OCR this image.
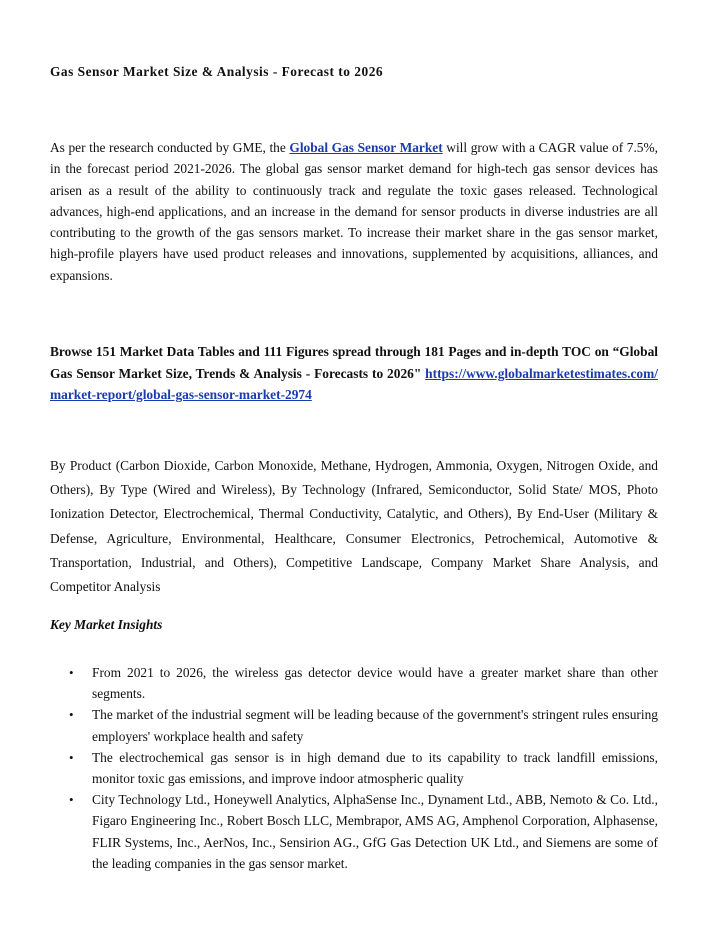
Gas Sensor Market Size & Analysis - Forecast to 2026

As per the research conducted by GME, the Global Gas Sensor Market will grow with a CAGR value of 7.5%, in the forecast period 2021-2026. The global gas sensor market demand for high-tech gas sensor devices has arisen as a result of the ability to continuously track and regulate the toxic gases released. Technological advances, high-end applications, and an increase in the demand for sensor products in diverse industries are all contributing to the growth of the gas sensors market. To increase their market share in the gas sensor market, high-profile players have used product releases and innovations, supplemented by acquisitions, alliances, and expansions.

Browse 151 Market Data Tables and 111 Figures spread through 181 Pages and in-depth TOC on “Global Gas Sensor Market Size, Trends & Analysis - Forecasts to 2026" https://www.globalmarketestimates.com/market-report/global-gas-sensor-market-2974

By Product (Carbon Dioxide, Carbon Monoxide, Methane, Hydrogen, Ammonia, Oxygen, Nitrogen Oxide, and Others), By Type (Wired and Wireless), By Technology (Infrared, Semiconductor, Solid State/ MOS, Photo Ionization Detector, Electrochemical, Thermal Conductivity, Catalytic, and Others), By End-User (Military & Defense, Agriculture, Environmental, Healthcare, Consumer Electronics, Petrochemical, Automotive & Transportation, Industrial, and Others), Competitive Landscape, Company Market Share Analysis, and Competitor Analysis

Key Market Insights
• From 2021 to 2026, the wireless gas detector device would have a greater market share than other segments.
• The market of the industrial segment will be leading because of the government's stringent rules ensuring employers' workplace health and safety
• The electrochemical gas sensor is in high demand due to its capability to track landfill emissions, monitor toxic gas emissions, and improve indoor atmospheric quality
• City Technology Ltd., Honeywell Analytics, AlphaSense Inc., Dynament Ltd., ABB, Nemoto & Co. Ltd., Figaro Engineering Inc., Robert Bosch LLC, Membrapor, AMS AG, Amphenol Corporation, Alphasense, FLIR Systems, Inc., AerNos, Inc., Sensirion AG., GfG Gas Detection UK Ltd., and Siemens are some of the leading companies in the gas sensor market.
